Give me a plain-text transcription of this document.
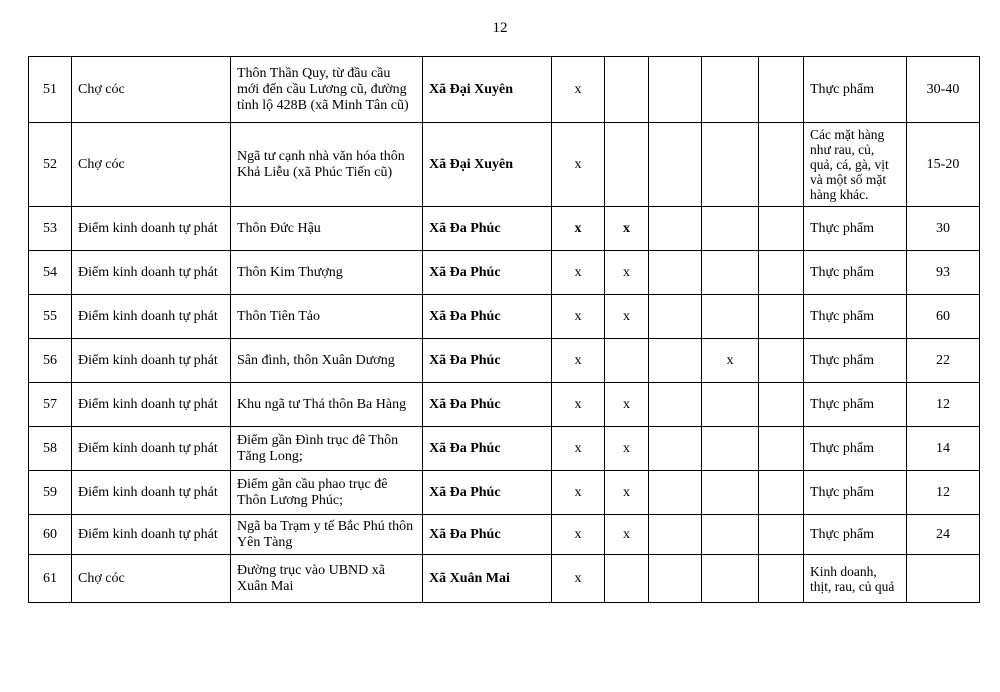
12
51	Chợ cóc	Thôn Thần Quy, từ đầu cầu mới đến cầu Lương cũ, đường tỉnh lộ 428B (xã Minh Tân cũ)	Xã Đại Xuyên	x					Thực phẩm	30-40
52	Chợ cóc	Ngã tư cạnh nhà văn hóa thôn Khả Liễu (xã Phúc Tiến cũ)	Xã Đại Xuyên	x					Các mặt hàng như rau, củ, quả, cá, gà, vịt và một số mặt hàng khác.	15-20
53	Điểm kinh doanh tự phát	Thôn Đức Hậu	Xã Đa Phúc	x	x				Thực phẩm	30
54	Điểm kinh doanh tự phát	Thôn Kim Thượng	Xã Đa Phúc	x	x				Thực phẩm	93
55	Điểm kinh doanh tự phát	Thôn Tiên Tảo	Xã Đa Phúc	x	x				Thực phẩm	60
56	Điểm kinh doanh tự phát	Sân đình, thôn Xuân Dương	Xã Đa Phúc	x			x		Thực phẩm	22
57	Điểm kinh doanh tự phát	Khu ngã tư Thá thôn Ba Hàng	Xã Đa Phúc	x	x				Thực phẩm	12
58	Điểm kinh doanh tự phát	Điểm gần Đình trục đê Thôn Tăng Long;	Xã Đa Phúc	x	x				Thực phẩm	14
59	Điểm kinh doanh tự phát	Điểm gần cầu phao trục đê Thôn Lương Phúc;	Xã Đa Phúc	x	x				Thực phẩm	12
60	Điểm kinh doanh tự phát	Ngã ba Trạm y tế Bắc Phú thôn Yên Tàng	Xã Đa Phúc	x	x				Thực phẩm	24
61	Chợ cóc	Đường trục vào UBND xã Xuân Mai	Xã Xuân Mai	x					Kinh doanh, thịt, rau, củ quả	
